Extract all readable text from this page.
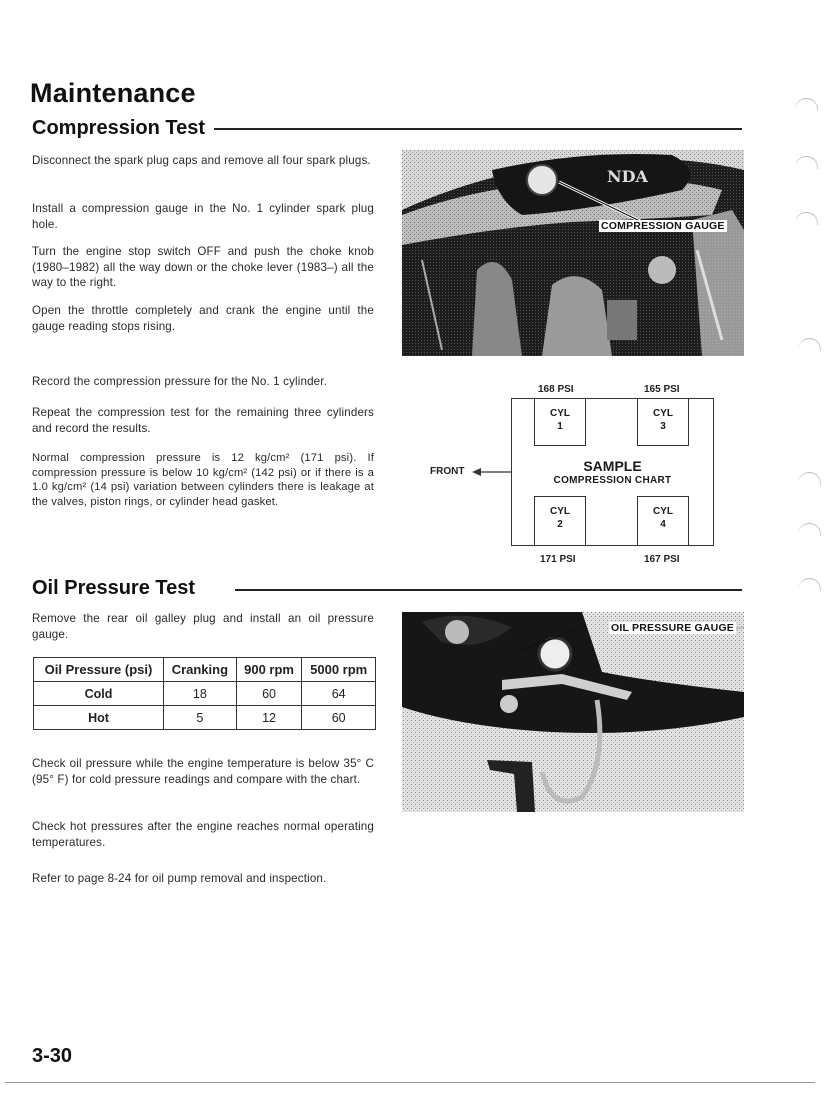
Maintenance
Compression Test
Disconnect the spark plug caps and remove all four spark plugs.
Install a compression gauge in the No. 1 cylinder spark plug hole.
Turn the engine stop switch OFF and push the choke knob (1980–1982) all the way down or the choke lever (1983–) all the way to the right.
Open the throttle completely and crank the engine until the gauge reading stops rising.
Record the compression pressure for the No. 1 cylinder.
Repeat the compression test for the remaining three cylinders and record the results.
Normal compression pressure is 12 kg/cm² (171 psi). If compression pressure is below 10 kg/cm² (142 psi) or if there is a 1.0 kg/cm² (14 psi) variation between cylinders there is leakage at the valves, piston rings, or cylinder head gasket.
NDA
COMPRESSION GAUGE
168 PSI	165 PSI
CYL
1
CYL
3
SAMPLE
COMPRESSION CHART
CYL
2
CYL
4
171 PSI	167 PSI
FRONT
Oil Pressure Test
Remove the rear oil galley plug and install an oil pressure gauge.
Oil Pressure (psi)	Cranking	900 rpm	5000 rpm
Cold	18	60	64
Hot	5	12	60
Check oil pressure while the engine temperature is below 35° C (95° F) for cold pressure readings and compare with the chart.
Check hot pressures after the engine reaches normal operating temperatures.
Refer to page 8-24 for oil pump removal and inspection.
OIL PRESSURE GAUGE
3-30
